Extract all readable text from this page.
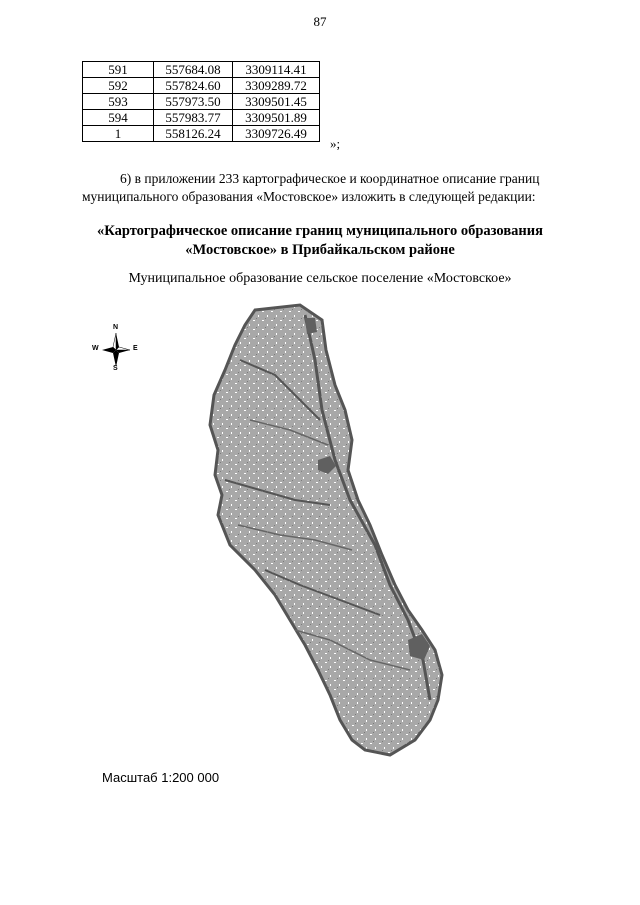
87
591	557684.08	3309114.41
592	557824.60	3309289.72
593	557973.50	3309501.45
594	557983.77	3309501.89
1	558126.24	3309726.49
»;
6) в приложении 233 картографическое и координатное описание границ
муниципального образования «Мостовское» изложить в следующей редакции:
«Картографическое описание границ муниципального образования
«Мостовское» в Прибайкальском районе
Муниципальное образование сельское поселение «Мостовское»
N
S
W	E
Масштаб 1:200 000
